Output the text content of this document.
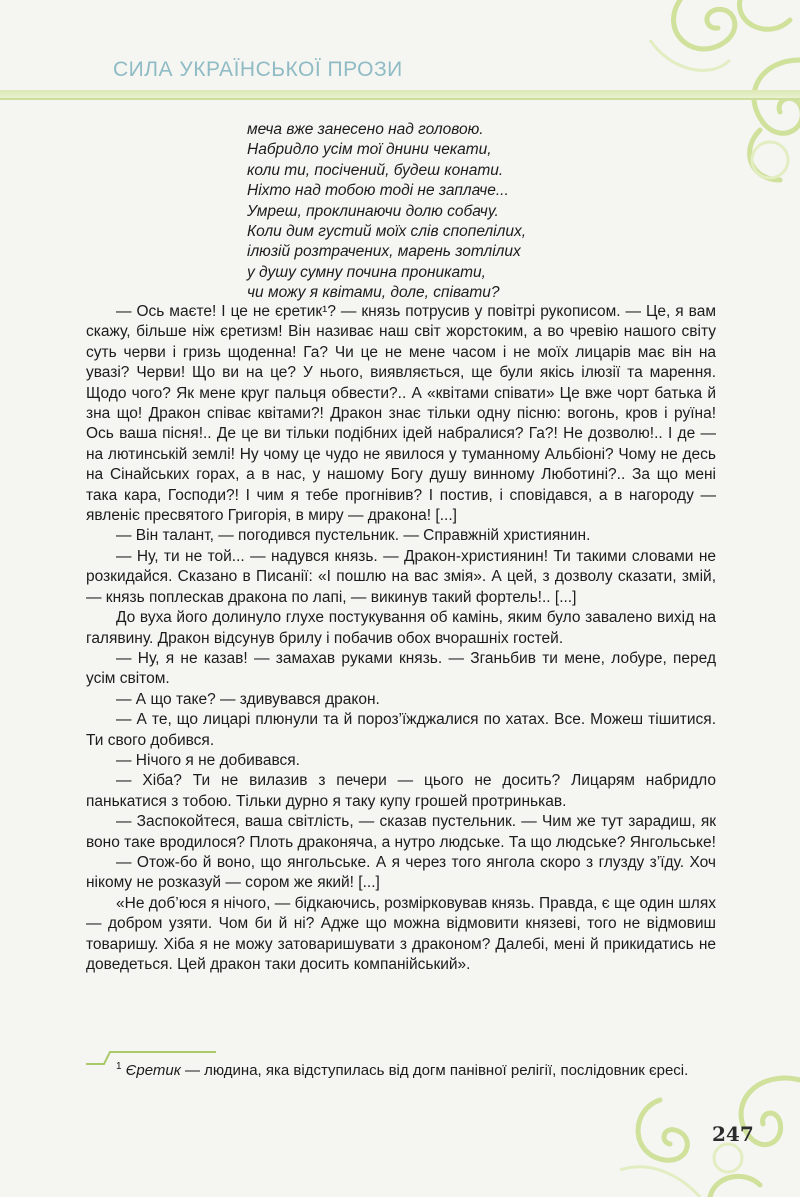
СИЛА УКРАЇНСЬКОЇ ПРОЗИ
меча вже занесено над головою.
Набридло усім тої днини чекати,
коли ти, посічений, будеш конати.
Ніхто над тобою тоді не заплаче...
Умреш, проклинаючи долю собачу.
Коли дим густий моїх слів спопелілих,
ілюзій розтрачених, марень зотлілих
у душу сумну починa проникати,
чи можу я квітами, доле, співати?

— Ось маєте! І це не єретик¹? — князь потрусив у повітрі рукописом. — Це, я вам скажу, більше ніж єретизм! Він називає наш світ жорстоким, а во чревію нашого світу суть черви і гризь щоденна! Га? Чи це не мене часом і не моїх лицарів має він на увазі? Черви! Що ви на це? У нього, виявляється, ще були якісь ілюзії та марення. Щодо чого? Як мене круг пальця обвести?.. А «квітами співати» Це вже чорт батька й зна що! Дракон співає квітами?! Дракон знає тільки одну пісню: вогонь, кров і руїна! Ось ваша пісня!.. Де це ви тільки подібних ідей набралися? Га?! Не дозволю!.. І де — на лютинській землі! Ну чому це чудо не явилося у туманному Альбіоні? Чому не десь на Сінайських горах, а в нас, у нашому Богу душу винному Люботині?.. За що мені така кара, Господи?! І чим я тебе прогнівив? І постив, і сповідався, а в нагороду — явленіє пресвятого Григорія, в миру — дракона! [...]

— Він талант, — погодився пустельник. — Справжній християнин.

— Ну, ти не той... — надувся князь. — Дракон-християнин! Ти такими словами не розкидайся. Сказано в Писанії: «І пошлю на вас змія». А цей, з дозволу сказати, змій, — князь поплескав дракона по лапі, — викинув такий фортель!.. [...]

До вуха його долинуло глухе постукування об камінь, яким було завалено вихід на галявину. Дракон відсунув брилу і побачив обох вчорашніх гостей.

— Ну, я не казав! — замахав руками князь. — Зганьбив ти мене, лобуре, перед усім світом.

— А що таке? — здивувався дракон.

— А те, що лицарі плюнули та й пороз’їжджалися по хатах. Все. Можеш тішитися. Ти свого добився.

— Нічого я не добивався.

— Хіба? Ти не вилазив з печери — цього не досить? Лицарям набридло панькатися з тобою. Тільки дурно я таку купу грошей протринькав.

— Заспокойтеся, ваша світлість, — сказав пустельник. — Чим же тут зарадиш, як воно таке вродилося? Плоть драконяча, а нутро людське. Та що людське? Янгольське!

— Отож-бо й воно, що янгольське. А я через того янгола скоро з глузду з’їду. Хоч нікому не розказуй — сором же який! [...]

«Не доб’юся я нічого, — бідкаючись, розмірковував князь. Правда, є ще один шлях — добром узяти. Чом би й ні? Адже що можна відмовити князеві, того не відмовиш товаришу. Хіба я не можу затоваришувати з драконом? Далебі, мені й прикидатись не доведеться. Цей дракон таки досить компанійський».

$^1$ Єретик — людина, яка відступилась від догм панівної релігії, послідовник єресі.
247
